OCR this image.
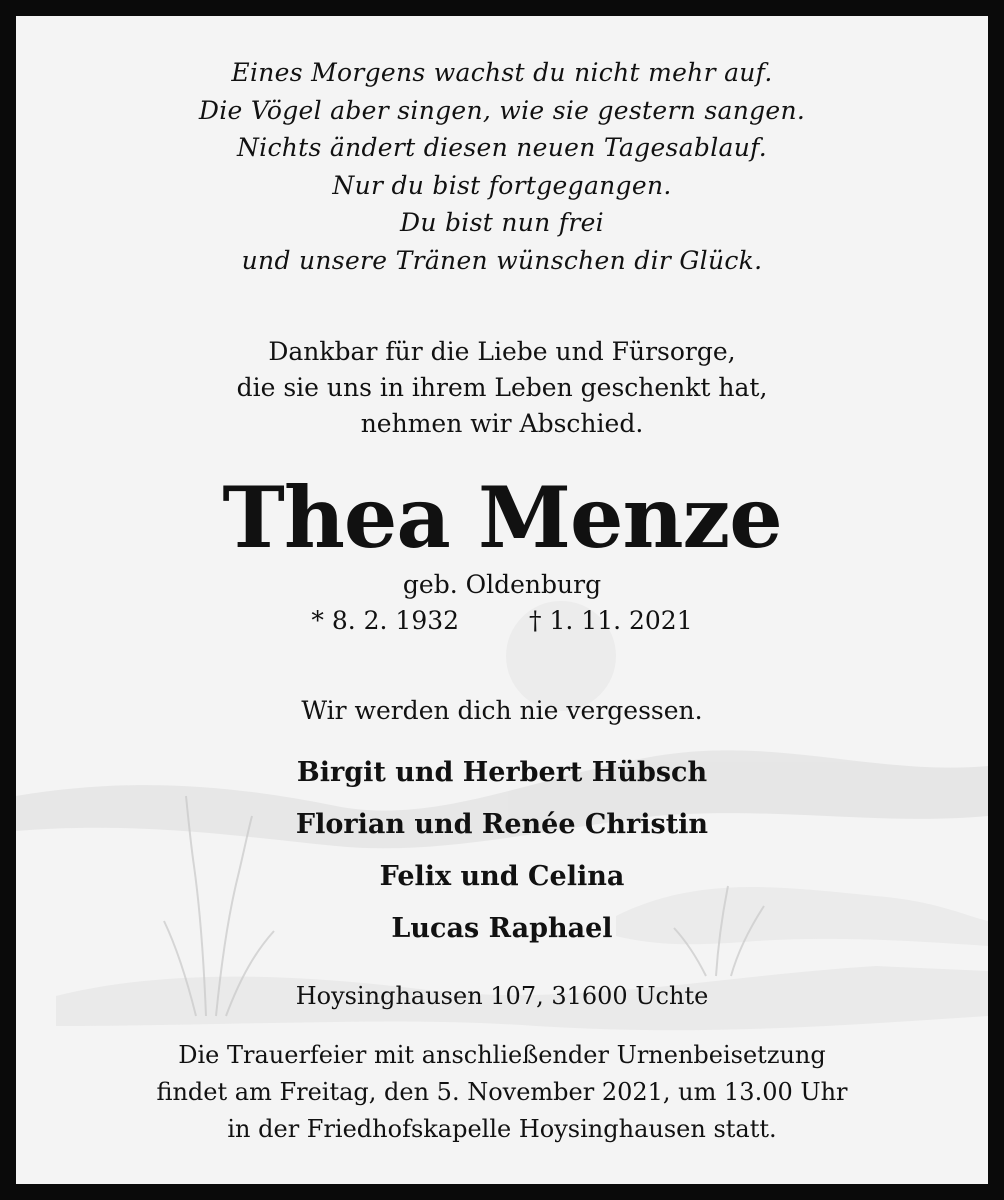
Eines Morgens wachst du nicht mehr auf.
Die Vögel aber singen, wie sie gestern sangen.
Nichts ändert diesen neuen Tagesablauf.
Nur du bist fortgegangen.
Du bist nun frei
und unsere Tränen wünschen dir Glück.
Dankbar für die Liebe und Fürsorge,
die sie uns in ihrem Leben geschenkt hat,
nehmen wir Abschied.
Thea Menze
geb. Oldenburg
* 8. 2. 1932	† 1. 11. 2021
Wir werden dich nie vergessen.
Birgit und Herbert Hübsch
Florian und Renée Christin
Felix und Celina
Lucas Raphael
Hoysinghausen 107, 31600 Uchte
Die Trauerfeier mit anschließender Urnenbeisetzung
findet am Freitag, den 5. November 2021, um 13.00 Uhr
in der Friedhofskapelle Hoysinghausen statt.
